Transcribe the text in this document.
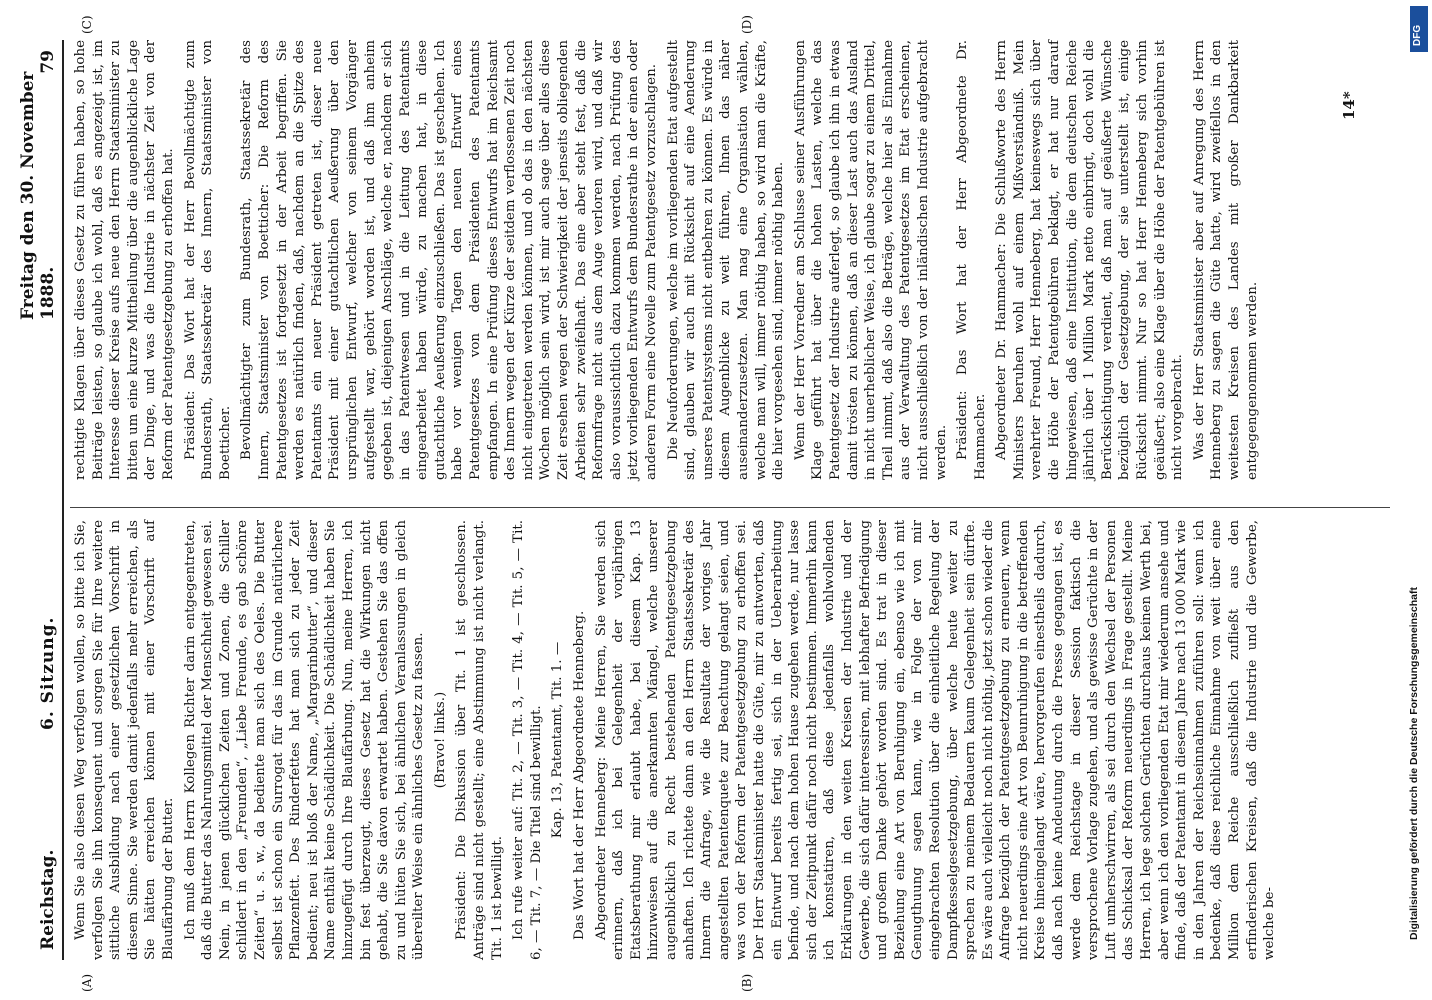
Reichstag.
6. Sitzung.
Freitag den 30. November 1888.
79
(A)	(B)
(C)	(D)

Wenn Sie also diesen Weg verfolgen wollen, so bitte ich Sie, verfolgen Sie ihn konsequent und sorgen Sie für Ihre weitere sittliche Ausbildung nach einer gesetzlichen Vorschrift in diesem Sinne. Sie werden damit jedenfalls mehr erreichen, als Sie hätten erreichen können mit einer Vorschrift auf Blaufärbung der Butter. Ich muß dem Herrn Kollegen Richter darin entgegentreten, daß die Butter das Nahrungsmittel der Menschheit gewesen sei. Nein, in jenen glücklichen Zeiten und Zonen, die Schiller schildert in den „Freunden“, „Liebe Freunde, es gab schönre Zeiten“ u. s. w., da bediente man sich des Oeles. Die Butter selbst ist schon ein Surrogat für das im Grunde natürlichere Pflanzenfett. Des Rinderfettes hat man sich zu jeder Zeit bedient; neu ist bloß der Name, „Margarinbutter“, und dieser Name enthält keine Schädlichkeit. Die Schädlichkeit haben Sie hinzugefügt durch Ihre Blaufärbung. Nun, meine Herren, ich bin fest überzeugt, dieses Gesetz hat die Wirkungen nicht gehabt, die Sie davon erwartet haben. Gestehen Sie das offen zu und hüten Sie sich, bei ähnlichen Veranlassungen in gleich übereilter Weise ein ähnliches Gesetz zu fassen. (Bravo! links.) Präsident: Die Diskussion über Tit. 1 ist geschlossen. Anträge sind nicht gestellt; eine Abstimmung ist nicht verlangt. Tit. 1 ist bewilligt. Ich rufe weiter auf: Tit. 2, — Tit. 3, — Tit. 4, — Tit. 5, — Tit. 6, — Tit. 7, — Die Titel sind bewilligt. Kap. 13, Patentamt, Tit. 1. — Das Wort hat der Herr Abgeordnete Henneberg. Abgeordneter Henneberg: Meine Herren, Sie werden sich erinnern, daß ich bei Gelegenheit der vorjährigen Etatsberathung mir erlaubt habe, bei diesem Kap. 13 hinzuweisen auf die anerkannten Mängel, welche unserer augenblicklich zu Recht bestehenden Patentgesetzgebung anhaften. Ich richtete dann an den Herrn Staatssekretär des Innern die Anfrage, wie die Resultate der voriges Jahr angestellten Patentenquete zur Beachtung gelangt seien, und was von der Reform der Patentgesetzgebung zu erhoffen sei. Der Herr Staatsminister hatte die Güte, mir zu antworten, daß ein Entwurf bereits fertig sei, sich in der Ueberarbeitung befinde, und nach dem hohen Hause zugehen werde, nur lasse sich der Zeitpunkt dafür noch nicht bestimmen. Immerhin kann ich konstatiren, daß diese jedenfalls wohlwollenden Erklärungen in den weiten Kreisen der Industrie und der Gewerbe, die sich dafür interessiren, mit lebhafter Befriedigung und großem Danke gehört worden sind. Es trat in dieser Beziehung eine Art von Beruhigung ein, ebenso wie ich mit Genugthuung sagen kann, wie in Folge der von mir eingebrachten Resolution über die einheitliche Regelung der Dampfkesselgesetzgebung, über welche heute weiter zu sprechen zu meinem Bedauern kaum Gelegenheit sein dürfte. Es wäre auch vielleicht noch nicht nöthig, jetzt schon wieder die Anfrage bezüglich der Patentgesetzgebung zu erneuern, wenn nicht neuerdings eine Art von Beunruhigung in die betreffenden Kreise hineingelangt wäre, hervorgerufen einestheils dadurch, daß nach keine Andeutung durch die Presse gegangen ist, es werde dem Reichstage in dieser Session faktisch die versprochene Vorlage zugehen, und als gewisse Gerüchte in der Luft umherschwirren, als sei durch den Wechsel der Personen das Schicksal der Reform neuerdings in Frage gestellt. Meine Herren, ich lege solchen Gerüchten durchaus keinen Werth bei, aber wenn ich den vorliegenden Etat mir wiederum ansehe und finde, daß der Patentamt in diesem Jahre nach 13 000 Mark wie in den Jahren der Reichseinnahmen zuführen soll: wenn ich bedenke, daß diese reichliche Einnahme von weit über eine Million dem Reiche ausschließlich zufließt aus den erfinderischen Kreisen, daß die Industrie und die Gewerbe, welche be-

rechtigte Klagen über dieses Gesetz zu führen haben, so hohe Beiträge leisten, so glaube ich wohl, daß es angezeigt ist, im Interesse dieser Kreise aufs neue den Herrn Staatsminister zu bitten um eine kurze Mittheilung über die augenblickliche Lage der Dinge, und was die Industrie in nächster Zeit von der Reform der Patentgesetzgebung zu erhoffen hat. Präsident: Das Wort hat der Herr Bevollmächtigte zum Bundesrath, Staatssekretär des Innern, Staatsminister von Boetticher. Bevollmächtigter zum Bundesrath, Staatssekretär des Innern, Staatsminister von Boetticher: Die Reform des Patentgesetzes ist fortgesetzt in der Arbeit begriffen. Sie werden es natürlich finden, daß, nachdem an die Spitze des Patentamts ein neuer Präsident getreten ist, dieser neue Präsident mit einer gutachtlichen Aeußerung über den ursprünglichen Entwurf, welcher von seinem Vorgänger aufgestellt war, gehört worden ist, und daß ihm anheim gegeben ist, diejenigen Anschläge, welche er, nachdem er sich in das Patentwesen und in die Leitung des Patentamts eingearbeitet haben würde, zu machen hat, in diese gutachtliche Aeußerung einzuschließen. Das ist geschehen. Ich habe vor wenigen Tagen den neuen Entwurf eines Patentgesetzes von dem Präsidenten des Patentamts empfangen. In eine Prüfung dieses Entwurfs hat im Reichsamt des Innern wegen der Kürze der seitdem verflossenen Zeit noch nicht eingetreten werden können, und ob das in den nächsten Wochen möglich sein wird, ist mir auch sage über alles diese Zeit ersehen wegen der Schwierigkeit der jenseits obliegenden Arbeiten sehr zweifelhaft. Das eine aber steht fest, daß die Reformfrage nicht aus dem Auge verloren wird, und daß wir also voraussichtlich dazu kommen werden, nach Prüfung des jetzt vorliegenden Entwurfs dem Bundesrathe in der einen oder anderen Form eine Novelle zum Patentgesetz vorzuschlagen. Die Neuforderungen, welche im vorliegenden Etat aufgestellt sind, glauben wir auch mit Rücksicht auf eine Aenderung unseres Patentsystems nicht entbehren zu können. Es würde in diesem Augenblicke zu weit führen, Ihnen das näher auseinanderzusetzen. Man mag eine Organisation wählen, welche man will, immer nöthig haben, so wird man die Kräfte, die hier vorgesehen sind, immer nöthig haben. Wenn der Herr Vorredner am Schlusse seiner Ausführungen Klage geführt hat über die hohen Lasten, welche das Patentgesetz der Industrie auferlegt, so glaube ich ihn in etwas damit trösten zu können, daß an dieser Last auch das Ausland in nicht unerheblicher Weise, ich glaube sogar zu einem Drittel, Theil nimmt, daß also die Beträge, welche hier als Einnahme aus der Verwaltung des Patentgesetzes im Etat erscheinen, nicht ausschließlich von der inländischen Industrie aufgebracht werden. Präsident: Das Wort hat der Herr Abgeordnete Dr. Hammacher. Abgeordneter Dr. Hammacher: Die Schlußworte des Herrn Ministers beruhen wohl auf einem Mißverständniß. Mein verehrter Freund, Herr Henneberg, hat keineswegs sich über die Höhe der Patentgebühren beklagt, er hat nur darauf hingewiesen, daß eine Institution, die dem deutschen Reiche jährlich über 1 Million Mark netto einbringt, doch wohl die Berücksichtigung verdient, daß man auf geäußerte Wünsche bezüglich der Gesetzgebung, der sie unterstellt ist, einige Rücksicht nimmt. Nur so hat Herr Henneberg sich vorhin geäußert; also eine Klage über die Höhe der Patentgebühren ist nicht vorgebracht. Was der Herr Staatsminister aber auf Anregung des Herrn Henneberg zu sagen die Güte hatte, wird zweifellos in den weitesten Kreisen des Landes mit großer Dankbarkeit entgegengenommen werden.

14*
DFG
Digitalisierung gefördert durch die Deutsche Forschungsgemeinschaft
